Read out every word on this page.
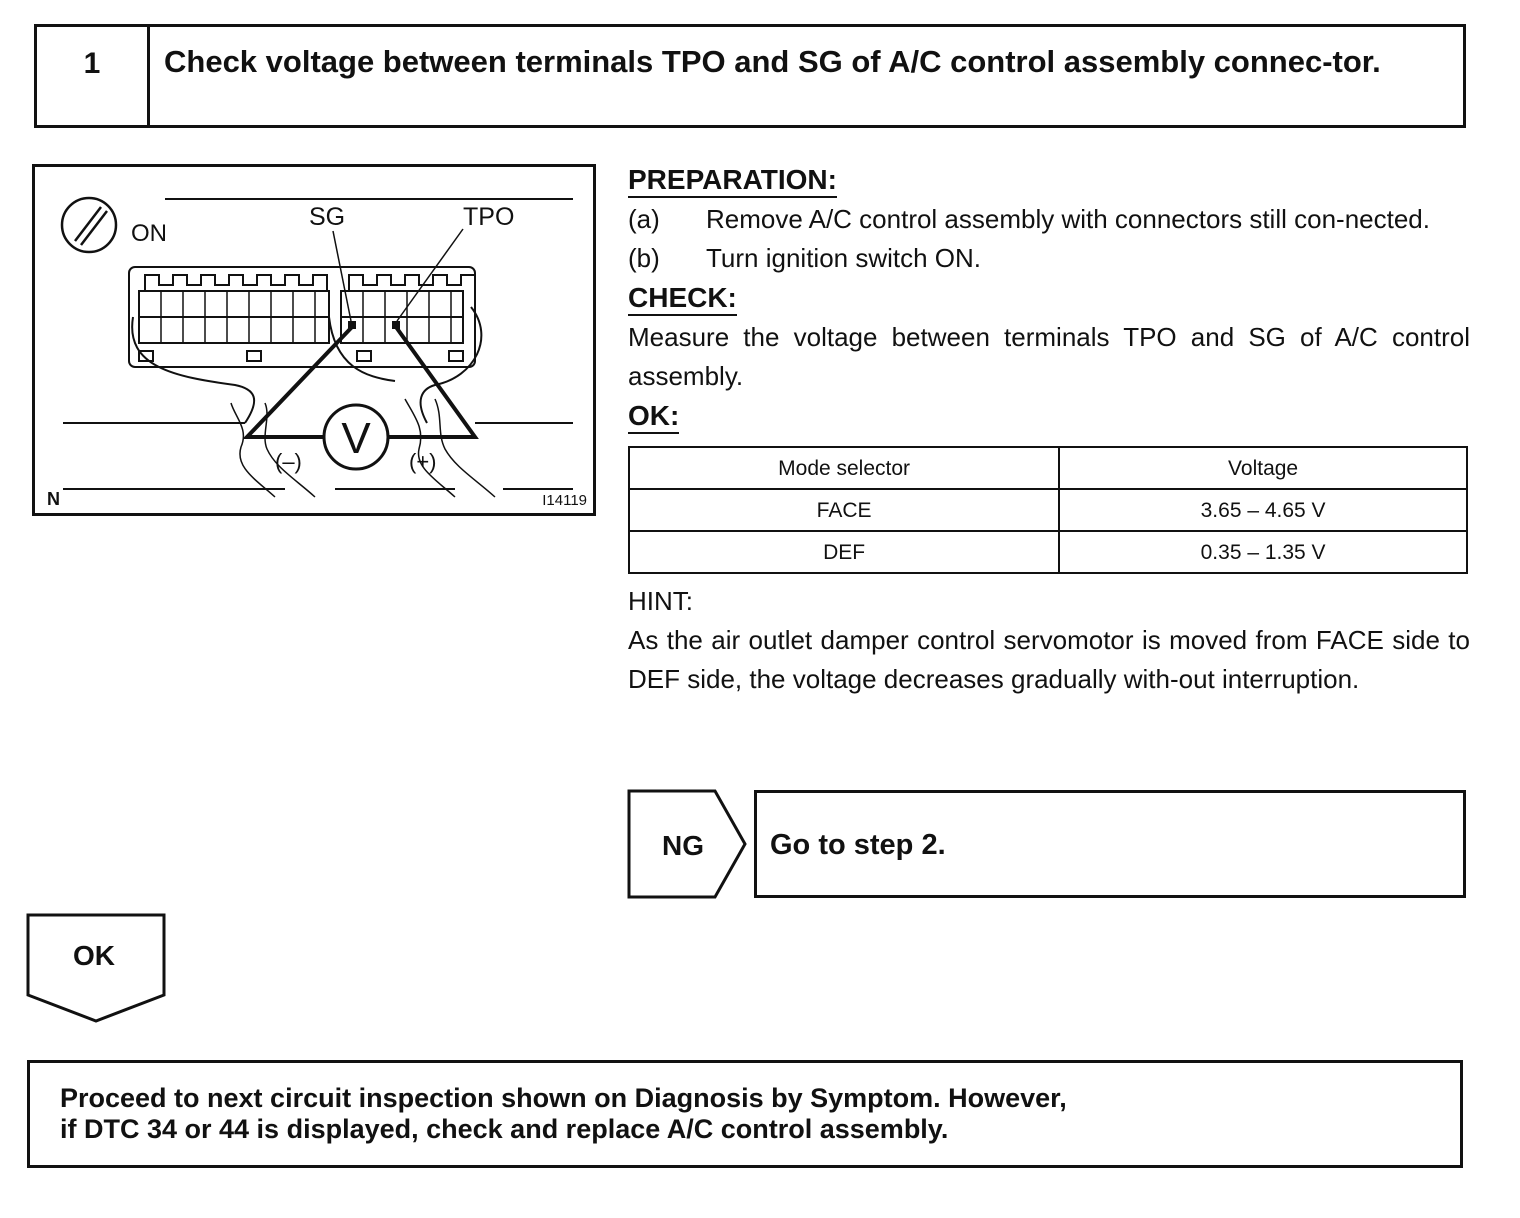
1	Check voltage between terminals TPO and SG of A/C control assembly connec-tor.
ON
SG	TPO
V
(–)	(+)
N	I14119
PREPARATION:
(a)	Remove A/C control assembly with connectors still con-nected.
(b)	Turn ignition switch ON.
CHECK:
Measure the voltage between terminals TPO and SG of A/C control assembly.
OK:
Mode selector	Voltage
FACE	3.65 – 4.65 V
DEF	0.35 – 1.35 V
HINT:
As the air outlet damper control servomotor is moved from FACE side to DEF side, the voltage decreases gradually with-out interruption.
NG	Go to step 2.
OK
Proceed to next circuit inspection shown on Diagnosis by Symptom. However,
if DTC 34 or 44 is displayed, check and replace A/C control assembly.
